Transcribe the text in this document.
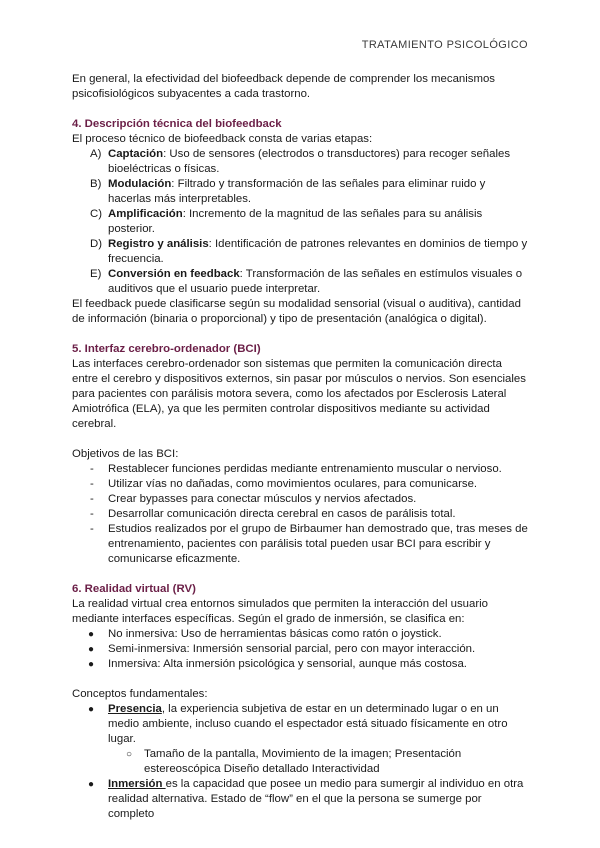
TRATAMIENTO PSICOLÓGICO

En general, la efectividad del biofeedback depende de comprender los mecanismos psicofisiológicos subyacentes a cada trastorno.

4. Descripción técnica del biofeedback

El proceso técnico de biofeedback consta de varias etapas:

A) Captación: Uso de sensores (electrodos o transductores) para recoger señales bioeléctricas o físicas.
B) Modulación: Filtrado y transformación de las señales para eliminar ruido y hacerlas más interpretables.
C) Amplificación: Incremento de la magnitud de las señales para su análisis posterior.
D) Registro y análisis: Identificación de patrones relevantes en dominios de tiempo y frecuencia.
E) Conversión en feedback: Transformación de las señales en estímulos visuales o auditivos que el usuario puede interpretar.

El feedback puede clasificarse según su modalidad sensorial (visual o auditiva), cantidad de información (binaria o proporcional) y tipo de presentación (analógica o digital).

5. Interfaz cerebro-ordenador (BCI)

Las interfaces cerebro-ordenador son sistemas que permiten la comunicación directa entre el cerebro y dispositivos externos, sin pasar por músculos o nervios. Son esenciales para pacientes con parálisis motora severa, como los afectados por Esclerosis Lateral Amiotrófica (ELA), ya que les permiten controlar dispositivos mediante su actividad cerebral.

Objetivos de las BCI:

- Restablecer funciones perdidas mediante entrenamiento muscular o nervioso.
- Utilizar vías no dañadas, como movimientos oculares, para comunicarse.
- Crear bypasses para conectar músculos y nervios afectados.
- Desarrollar comunicación directa cerebral en casos de parálisis total.
- Estudios realizados por el grupo de Birbaumer han demostrado que, tras meses de entrenamiento, pacientes con parálisis total pueden usar BCI para escribir y comunicarse eficazmente.

6. Realidad virtual (RV)

La realidad virtual crea entornos simulados que permiten la interacción del usuario mediante interfaces específicas. Según el grado de inmersión, se clasifica en:

● No inmersiva: Uso de herramientas básicas como ratón o joystick.
● Semi-inmersiva: Inmersión sensorial parcial, pero con mayor interacción.
● Inmersiva: Alta inmersión psicológica y sensorial, aunque más costosa.

Conceptos fundamentales:

● Presencia, la experiencia subjetiva de estar en un determinado lugar o en un medio ambiente, incluso cuando el espectador está situado físicamente en otro lugar.
○ Tamaño de la pantalla, Movimiento de la imagen; Presentación estereoscópica Diseño detallado Interactividad
● Inmersión es la capacidad que posee un medio para sumergir al individuo en otra realidad alternativa. Estado de “flow” en el que la persona se sumerge por completo
